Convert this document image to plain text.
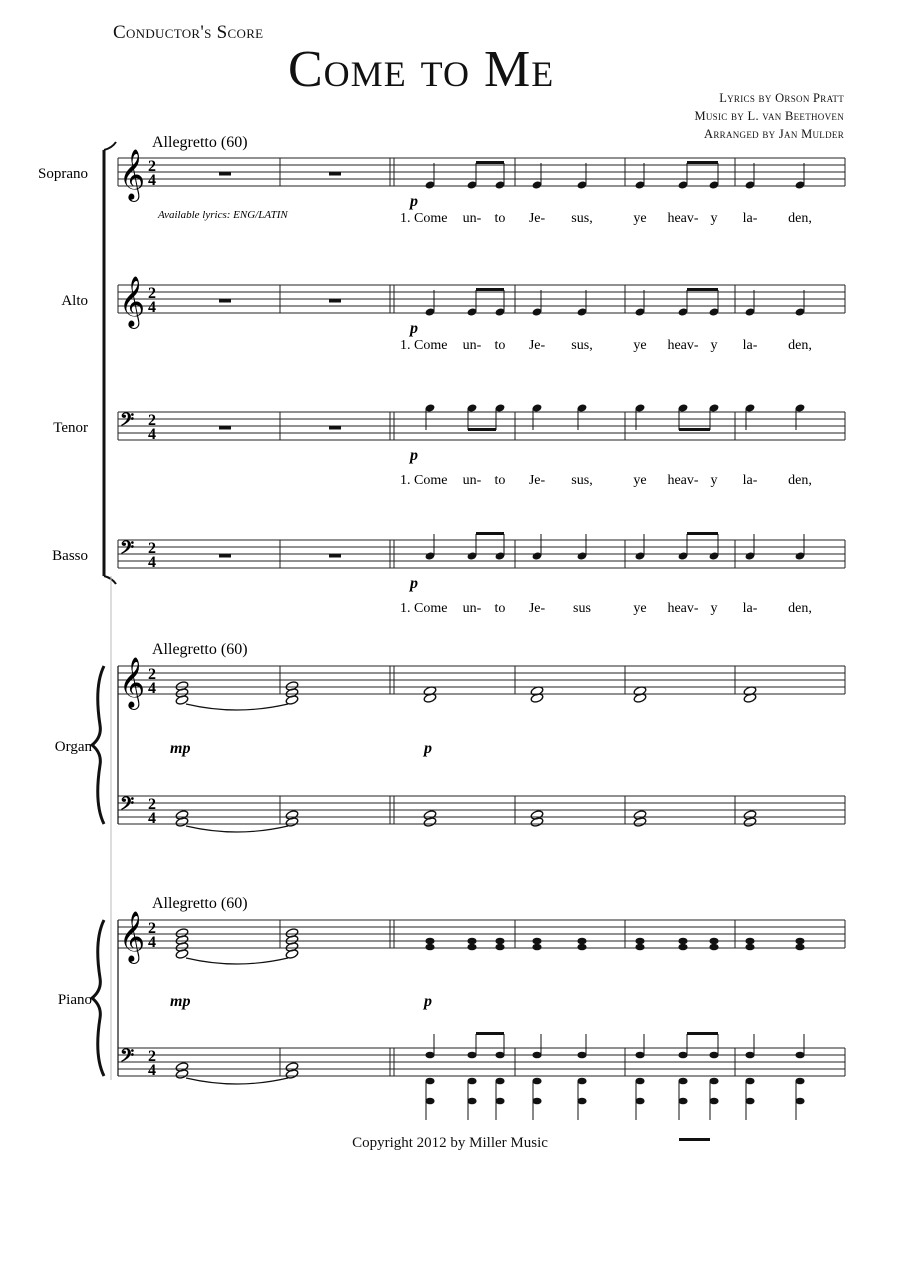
Conductor's Score
Come to Me	Lyrics by Orson Pratt
Music by L. van Beethoven
Arranged by Jan Mulder
𝄞 2
4
p
1. Come un- to Je- sus,	ye heav- y la- den,
Soprano
𝄞 2
4
p
1. Come un- to Je- sus,	ye heav- y la- den,
Alto
𝄢 2
4
p
1. Come un- to Je- sus,	ye heav- y la- den,
Tenor
𝄢 2
4
p
1. Come un- to Je- sus	ye heav- y la- den,
Basso
Allegretto (60)
Available lyrics: ENG/LATIN
𝄞
𝄢
2
4
2
4
Organ	mp	p
Allegretto (60)
𝄞
𝄢
2
4
2
4
Piano	mp	p
Allegretto (60)
Copyright 2012 by Miller Music
